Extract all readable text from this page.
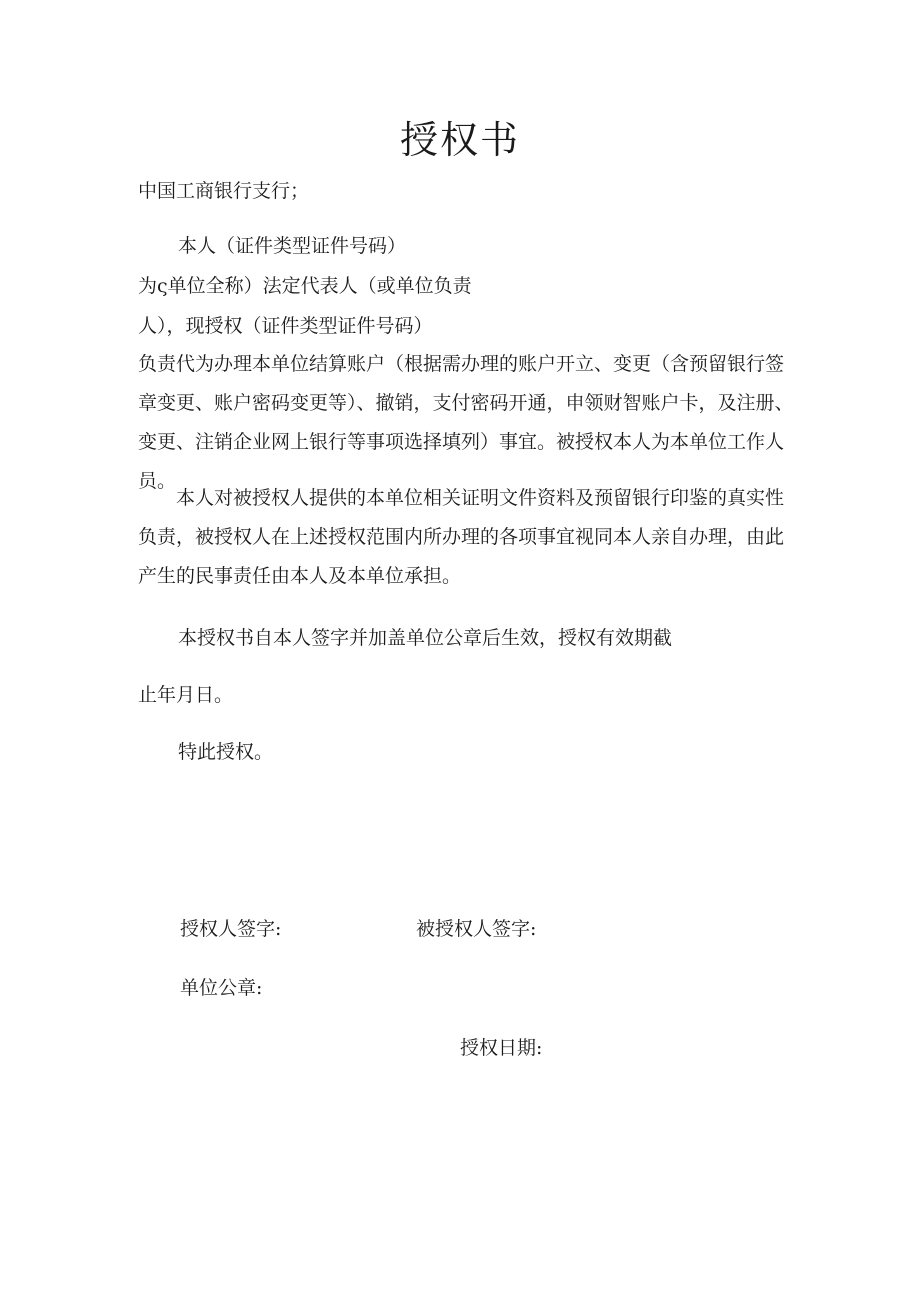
授权书
中国工商银行支行；
本人（证件类型证件号码）
为ς单位全称）法定代表人（或单位负责
人），现授权（证件类型证件号码）
负责代为办理本单位结算账户（根据需办理的账户开立、变更（含预留银行签章变更、账户密码变更等）、撤销，支付密码开通，申领财智账户卡，及注册、变更、注销企业网上银行等事项选择填列）事宜。被授权本人为本单位工作人员。
本人对被授权人提供的本单位相关证明文件资料及预留银行印鉴的真实性负责，被授权人在上述授权范围内所办理的各项事宜视同本人亲自办理，由此产生的民事责任由本人及本单位承担。
本授权书自本人签字并加盖单位公章后生效，授权有效期截
止年月日。
特此授权。
授权人签字:	被授权人签字:
单位公章:
授权日期:
